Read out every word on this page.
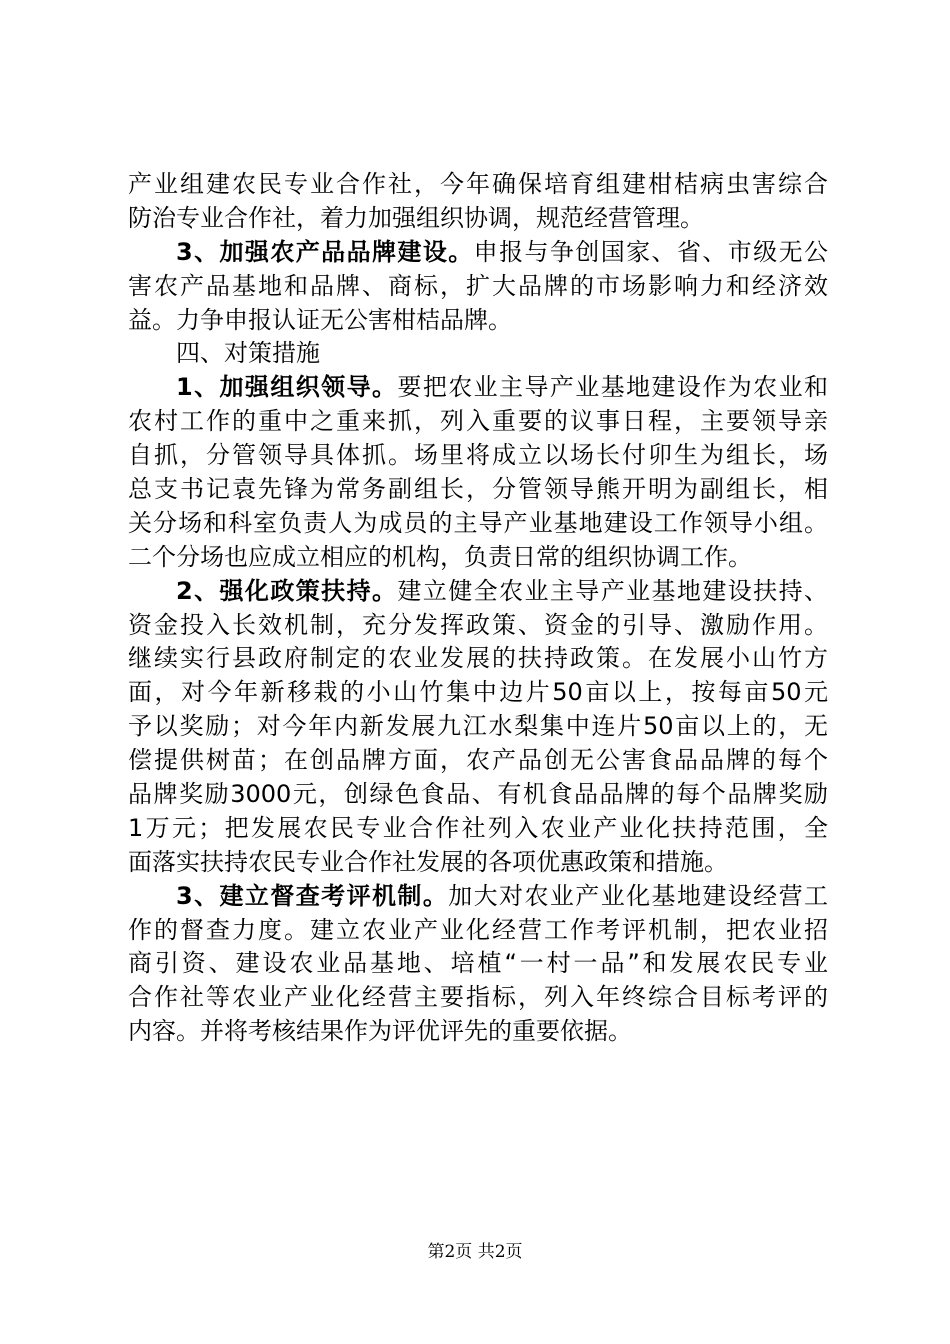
产业组建农民专业合作社，今年确保培育组建柑桔病虫害综合
防治专业合作社，着力加强组织协调，规范经营管理。
3、加强农产品品牌建设。申报与争创国家、省、市级无公
害农产品基地和品牌、商标，扩大品牌的市场影响力和经济效
益。力争申报认证无公害柑桔品牌。
四、对策措施
1、加强组织领导。要把农业主导产业基地建设作为农业和
农村工作的重中之重来抓，列入重要的议事日程，主要领导亲
自抓，分管领导具体抓。场里将成立以场长付卯生为组长，场
总支书记袁先锋为常务副组长，分管领导熊开明为副组长，相
关分场和科室负责人为成员的主导产业基地建设工作领导小组。
二个分场也应成立相应的机构，负责日常的组织协调工作。
2、强化政策扶持。建立健全农业主导产业基地建设扶持、
资金投入长效机制，充分发挥政策、资金的引导、激励作用。
继续实行县政府制定的农业发展的扶持政策。在发展小山竹方
面，对今年新移栽的小山竹集中边片50亩以上，按每亩50元
予以奖励；对今年内新发展九江水梨集中连片50亩以上的，无
偿提供树苗；在创品牌方面，农产品创无公害食品品牌的每个
品牌奖励3000元，创绿色食品、有机食品品牌的每个品牌奖励
1万元；把发展农民专业合作社列入农业产业化扶持范围，全
面落实扶持农民专业合作社发展的各项优惠政策和措施。
3、建立督查考评机制。加大对农业产业化基地建设经营工
作的督查力度。建立农业产业化经营工作考评机制，把农业招
商引资、建设农业品基地、培植“一村一品”和发展农民专业
合作社等农业产业化经营主要指标，列入年终综合目标考评的
内容。并将考核结果作为评优评先的重要依据。
第2页 共2页
